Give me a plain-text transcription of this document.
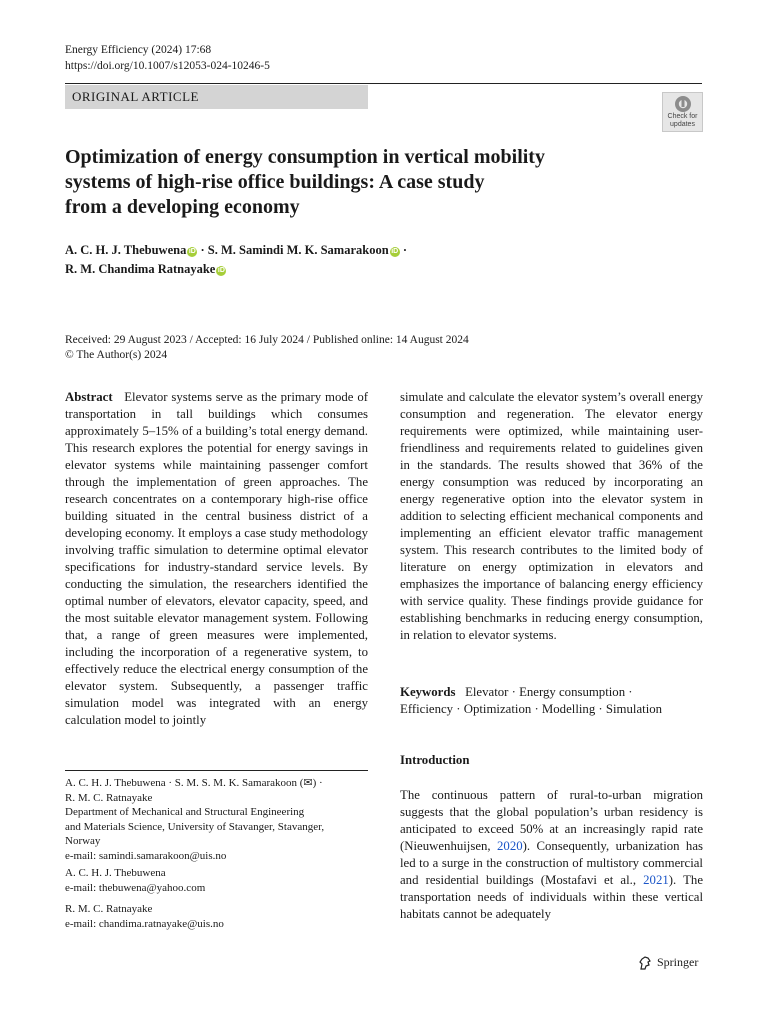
Energy Efficiency (2024) 17:68
https://doi.org/10.1007/s12053-024-10246-5
ORIGINAL ARTICLE
Check for
updates
Optimization of energy consumption in vertical mobility
systems of high-rise office buildings: A case study
from a developing economy
A. C. H. J. Thebuwena iD · S. M. Samindi M. K. Samarakoon iD ·
R. M. Chandima Ratnayake iD
Received: 29 August 2023 / Accepted: 16 July 2024 / Published online: 14 August 2024
© The Author(s) 2024

Abstract Elevator systems serve as the primary mode of transportation in tall buildings which consumes approximately 5–15% of a building’s total energy demand. This research explores the potential for energy savings in elevator systems while maintaining passenger comfort through the implementation of green approaches. The research concentrates on a contemporary high-rise office building situated in the central business district of a developing economy. It employs a case study methodology involving traffic simulation to determine optimal elevator specifications for industry-standard service levels. By conducting the simulation, the researchers identified the optimal number of elevators, elevator capacity, speed, and the most suitable elevator management system. Following that, a range of green measures were implemented, including the incorporation of a regenerative system, to effectively reduce the electrical energy consumption of the elevator system. Subsequently, a passenger traffic simulation model was integrated with an energy calculation model to jointly

A. C. H. J. Thebuwena · S. M. S. M. K. Samarakoon (✉) ·
R. M. C. Ratnayake
Department of Mechanical and Structural Engineering
and Materials Science, University of Stavanger, Stavanger,
Norway
e-mail: samindi.samarakoon@uis.no
A. C. H. J. Thebuwena
e-mail: thebuwena@yahoo.com
R. M. C. Ratnayake
e-mail: chandima.ratnayake@uis.no

simulate and calculate the elevator system’s overall energy consumption and regeneration. The elevator energy requirements were optimized, while maintaining user-friendliness and requirements related to guidelines given in the standards. The results showed that 36% of the energy consumption was reduced by incorporating an energy regenerative option into the elevator system in addition to selecting efficient mechanical components and implementing an efficient elevator traffic management system. This research contributes to the limited body of literature on energy optimization in elevators and emphasizes the importance of balancing energy efficiency with service quality. These findings provide guidance for establishing benchmarks in reducing energy consumption, in relation to elevator systems.

Keywords Elevator · Energy consumption ·
Efficiency · Optimization · Modelling · Simulation
Introduction
The continuous pattern of rural-to-urban migration suggests that the global population’s urban residency is anticipated to exceed 50% at an increasingly rapid rate (Nieuwenhuijsen, 2020). Consequently, urbanization has led to a surge in the construction of multistory commercial and residential buildings (Mostafavi et al., 2021). The transportation needs of individuals within these vertical habitats cannot be adequately
Springer
